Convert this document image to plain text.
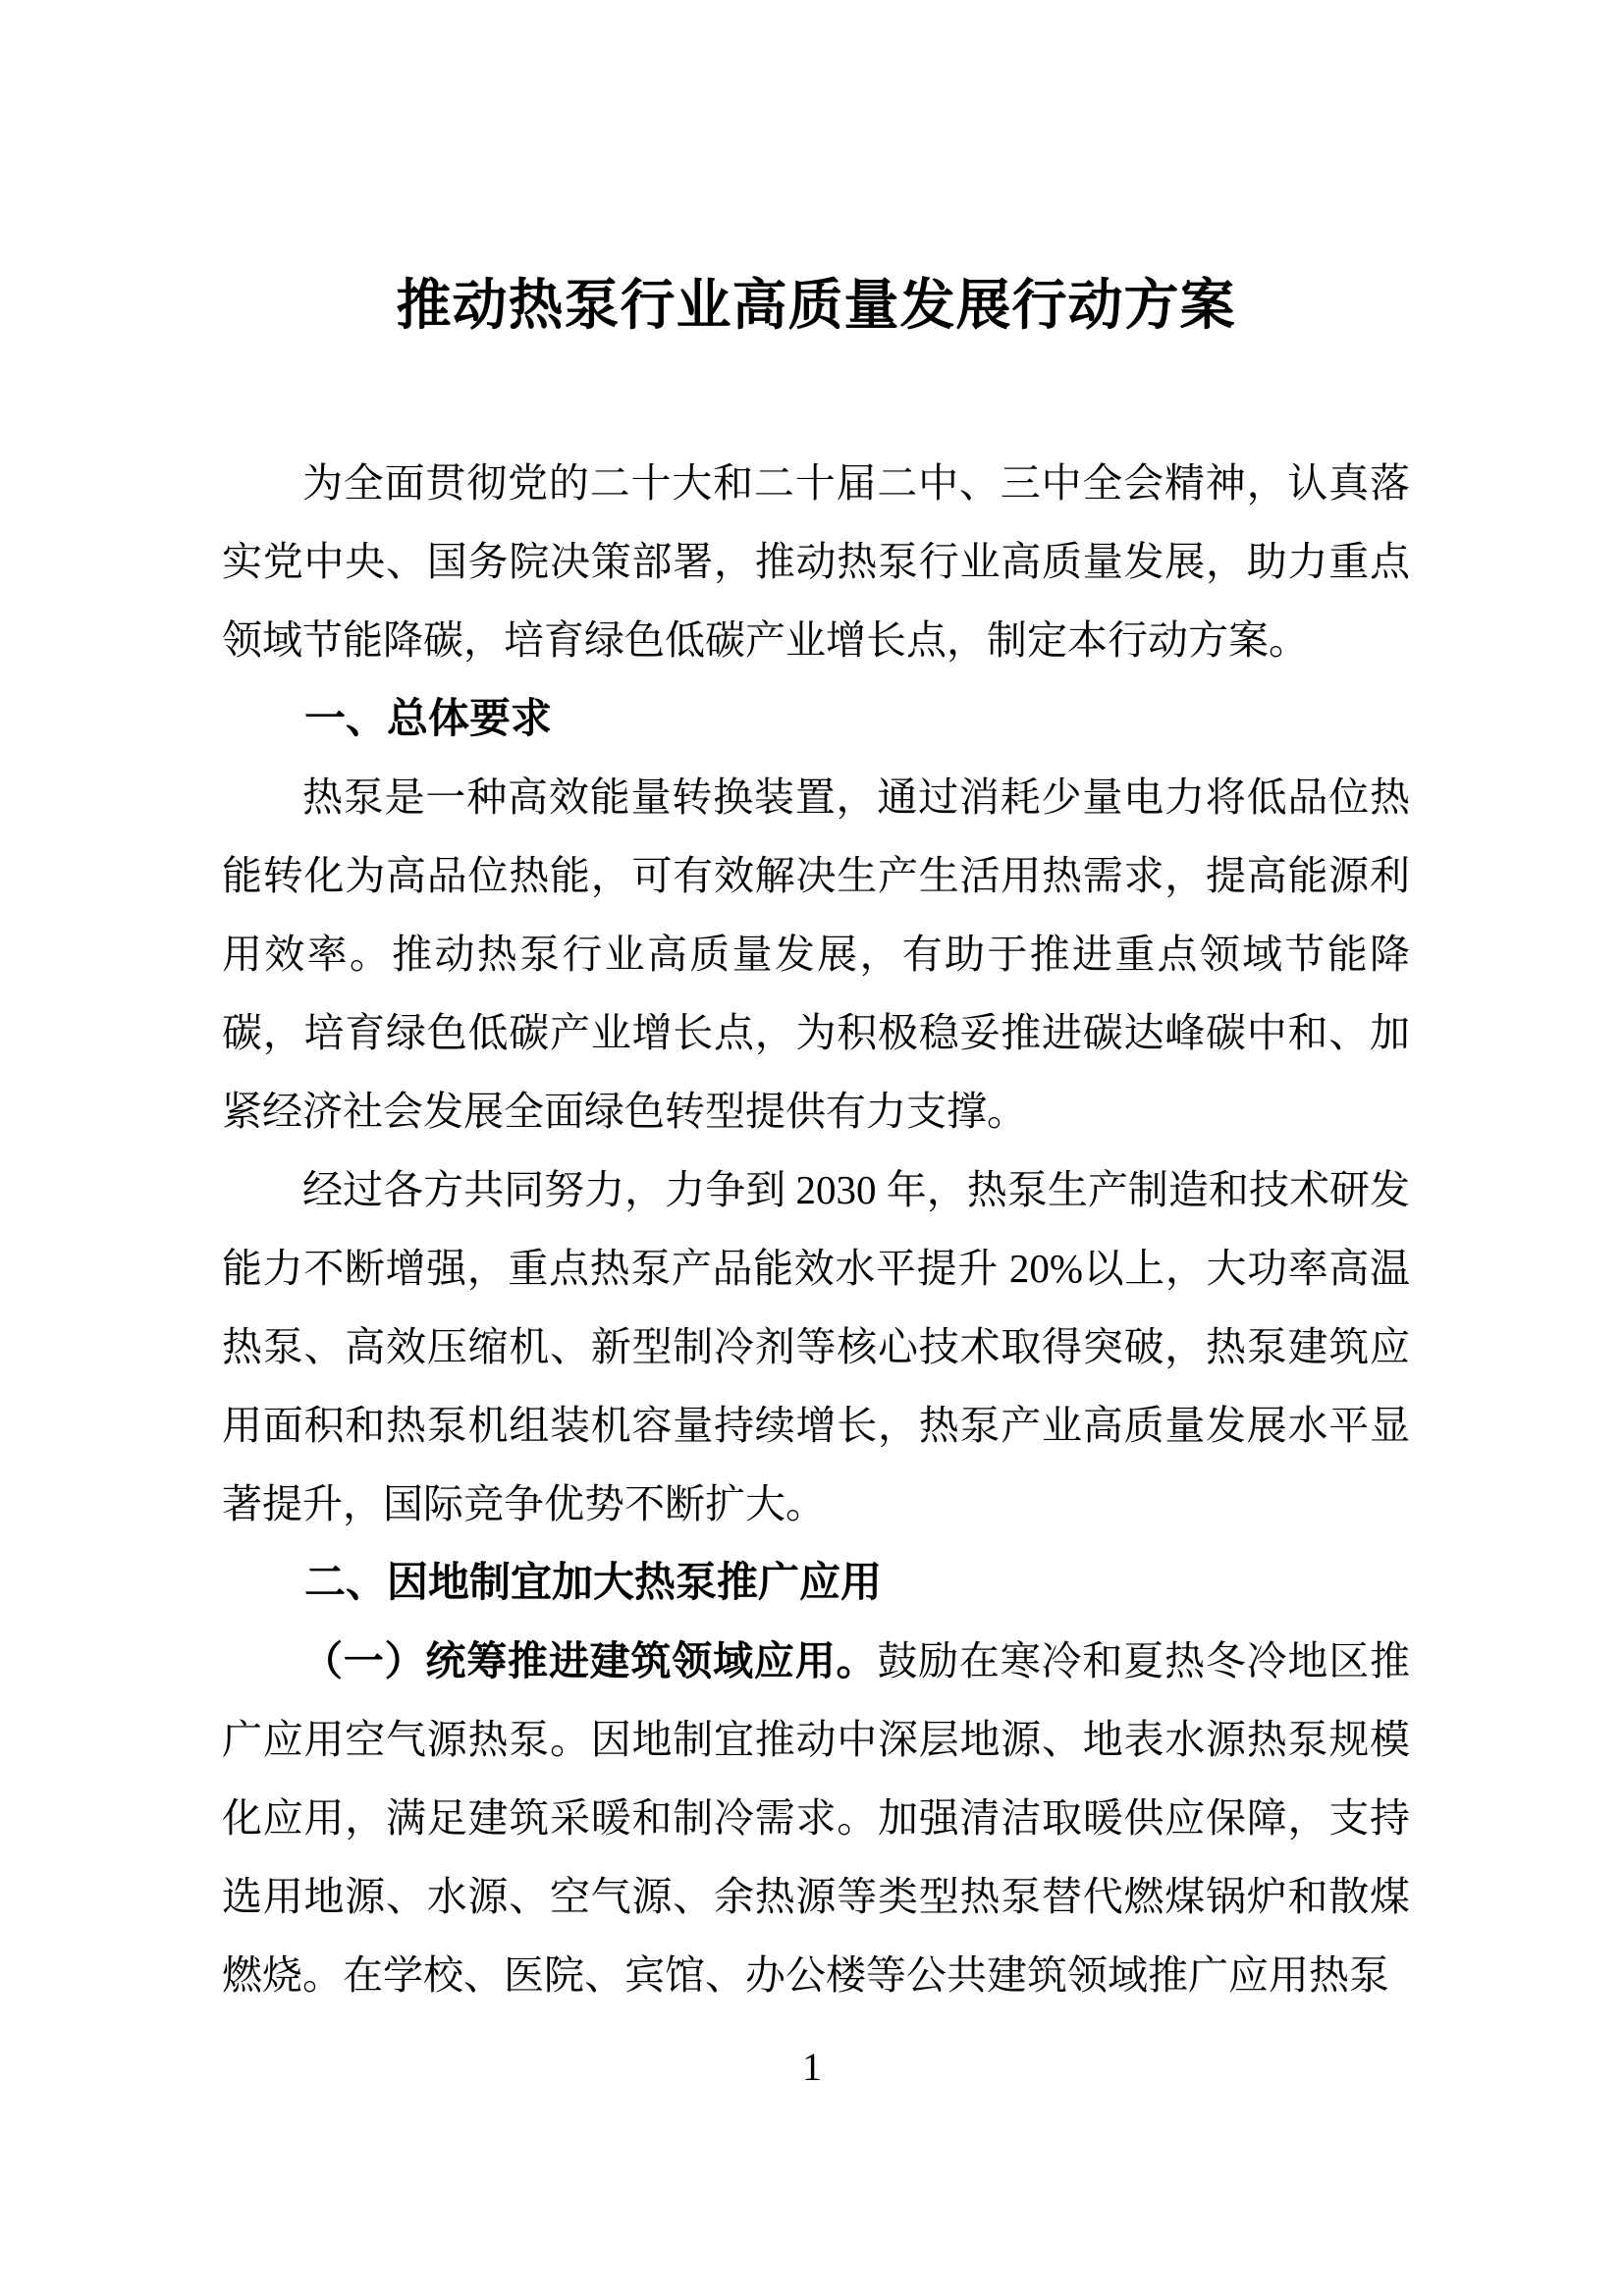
推动热泵行业高质量发展行动方案

为全面贯彻党的二十大和二十届二中、三中全会精神，认真落实党中央、国务院决策部署，推动热泵行业高质量发展，助力重点领域节能降碳，培育绿色低碳产业增长点，制定本行动方案。

一、总体要求

热泵是一种高效能量转换装置，通过消耗少量电力将低品位热能转化为高品位热能，可有效解决生产生活用热需求，提高能源利用效率。推动热泵行业高质量发展，有助于推进重点领域节能降碳，培育绿色低碳产业增长点，为积极稳妥推进碳达峰碳中和、加紧经济社会发展全面绿色转型提供有力支撑。

经过各方共同努力，力争到 2030 年，热泵生产制造和技术研发能力不断增强，重点热泵产品能效水平提升 20%以上，大功率高温热泵、高效压缩机、新型制冷剂等核心技术取得突破，热泵建筑应用面积和热泵机组装机容量持续增长，热泵产业高质量发展水平显著提升，国际竞争优势不断扩大。

二、因地制宜加大热泵推广应用

（一）统筹推进建筑领域应用。鼓励在寒冷和夏热冬冷地区推广应用空气源热泵。因地制宜推动中深层地源、地表水源热泵规模化应用，满足建筑采暖和制冷需求。加强清洁取暖供应保障，支持选用地源、水源、空气源、余热源等类型热泵替代燃煤锅炉和散煤燃烧。在学校、医院、宾馆、办公楼等公共建筑领域推广应用热泵

1
